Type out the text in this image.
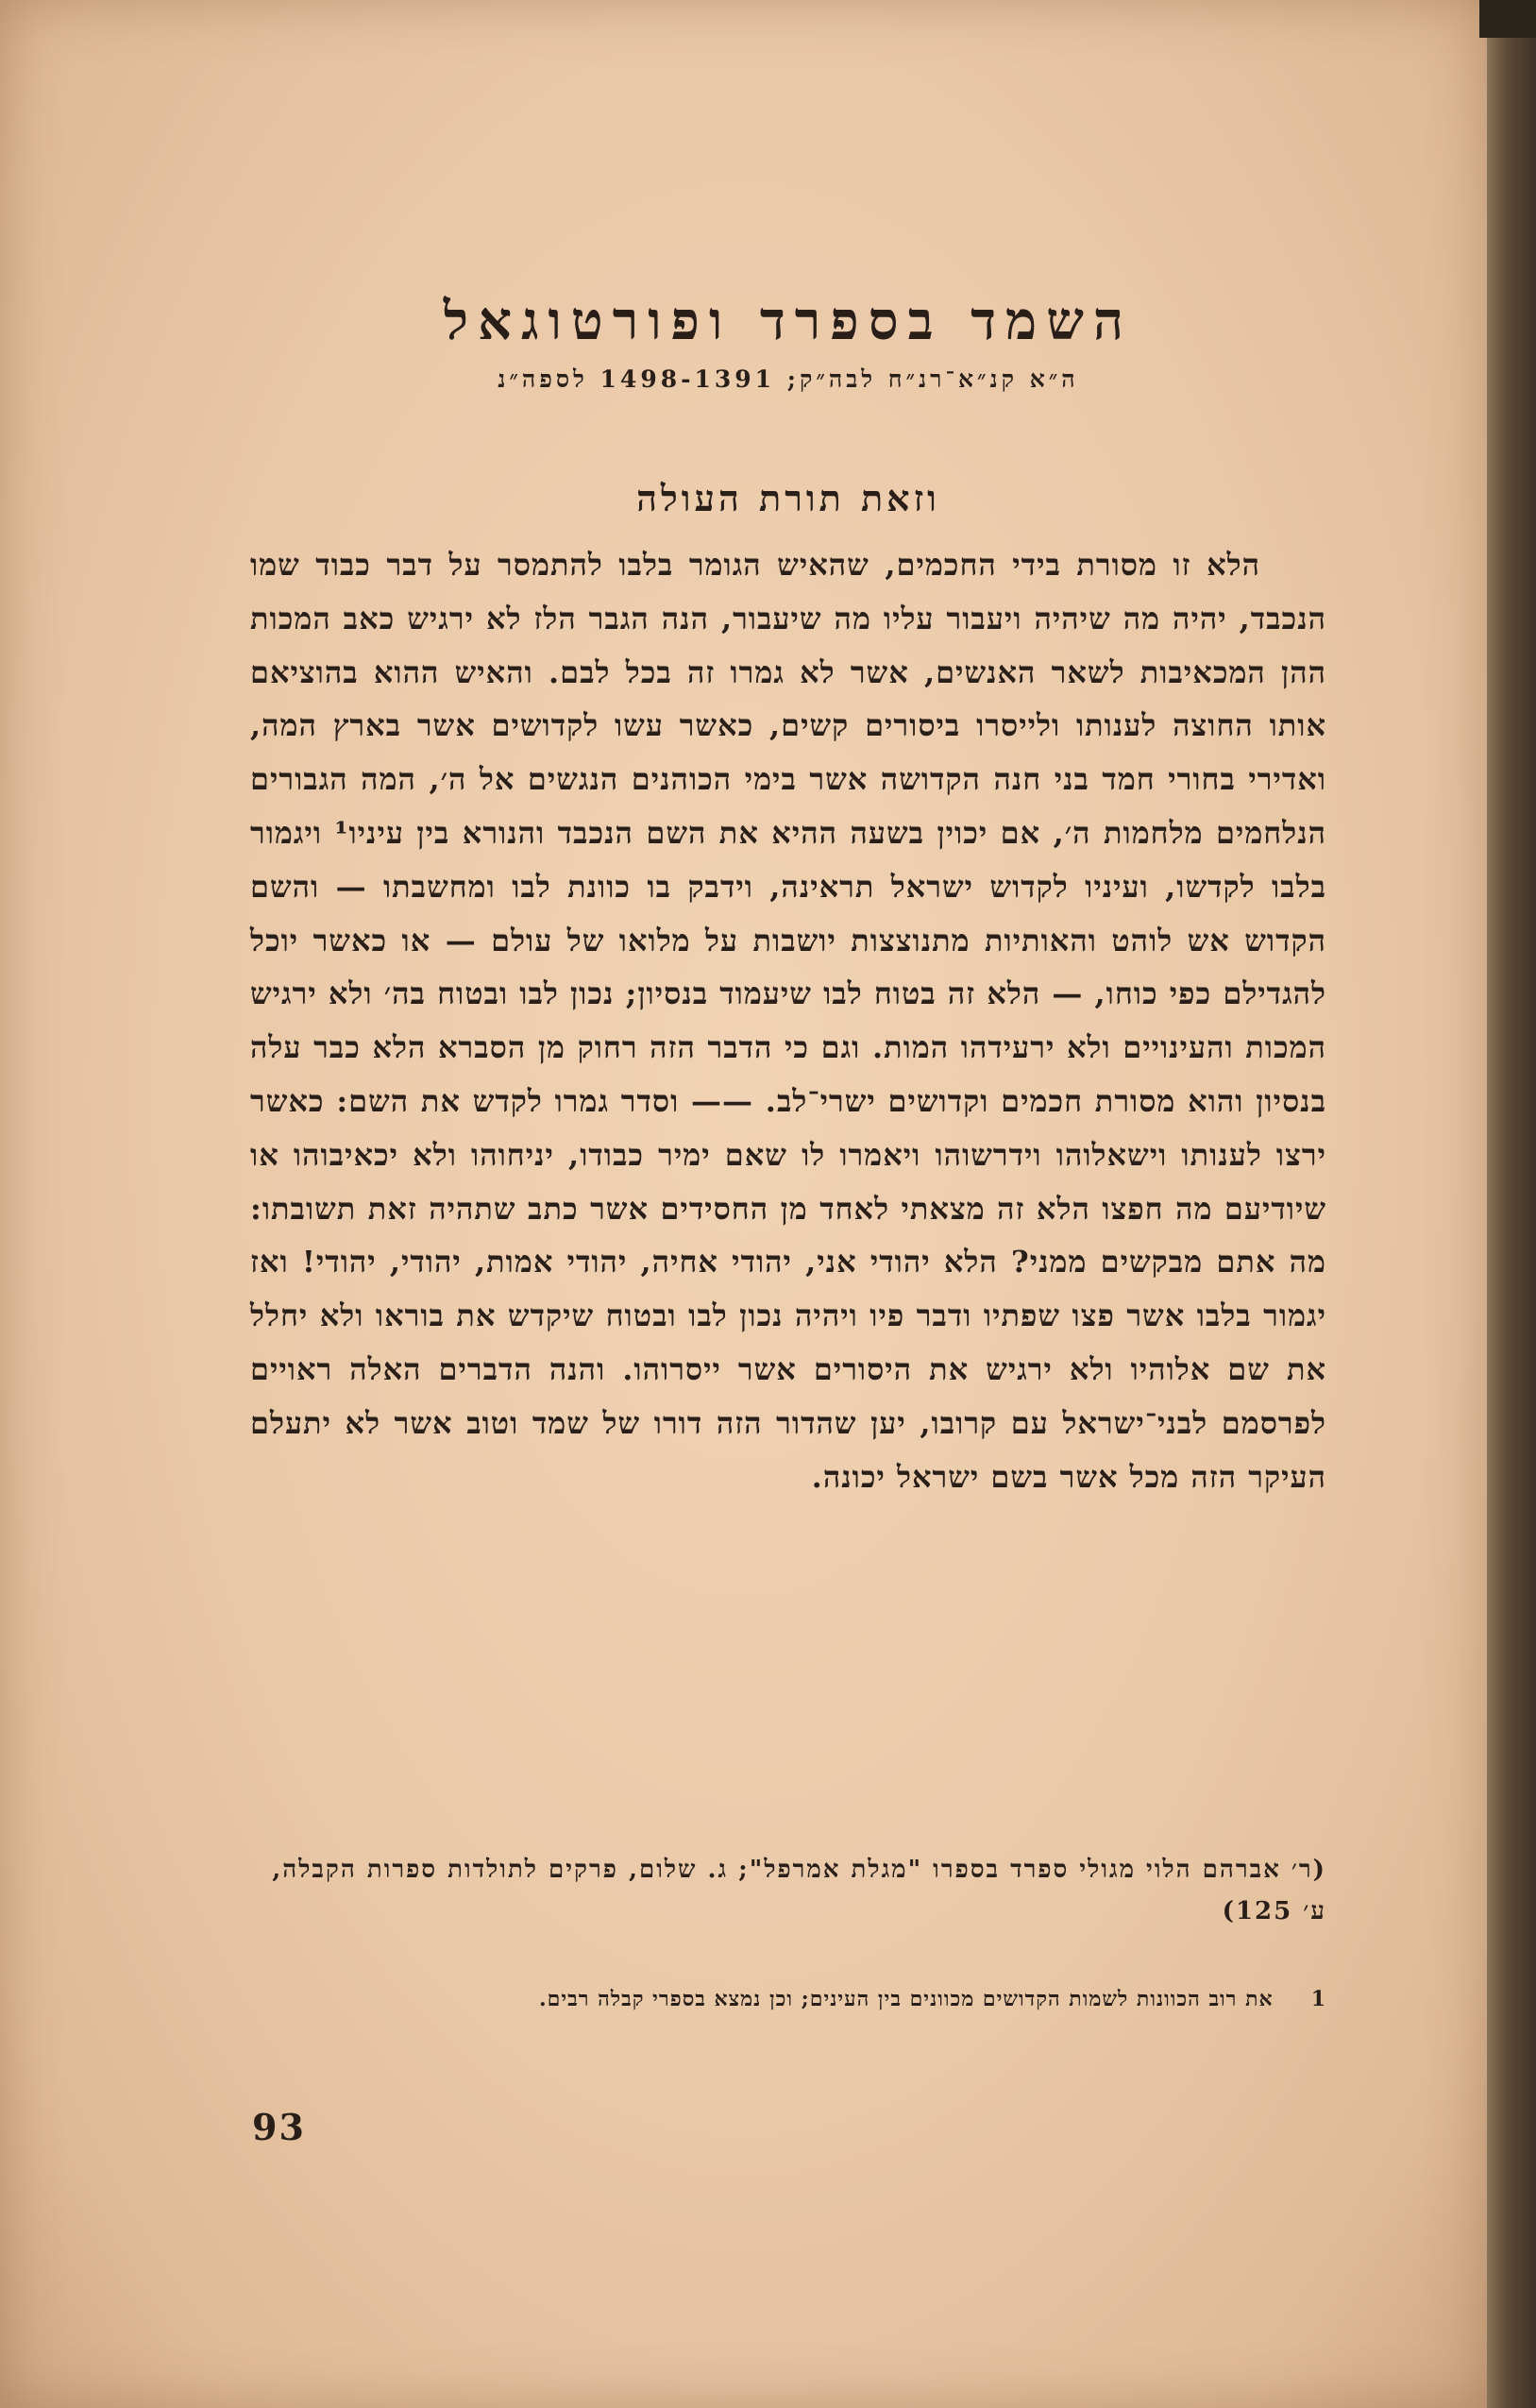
השמד בספרד ופורטוגאל
ה״א קנ״א־רנ״ח לבה״ק; 1498-1391 לספה״נ
וזאת תורת העולה

הלא זו מסורת בידי החכמים, שהאיש הגומר בלבו להתמסר על דבר כבוד שמו הנכבד, יהיה מה שיהיה ויעבור עליו מה שיעבור, הנה הגבר הלז לא ירגיש כאב המכות ההן המכאיבות לשאר האנשים, אשר לא גמרו זה בכל לבם. והאיש ההוא בהוציאם אותו החוצה לענותו ולייסרו ביסורים קשים, כאשר עשו לקדושים אשר בארץ המה, ואדירי בחורי חמד בני חנה הקדושה אשר בימי הכוהנים הנגשים אל ה׳, המה הגבורים הנלחמים מלחמות ה׳, אם יכוין בשעה ההיא את השם הנכבד והנורא בין עיניו¹ ויגמור בלבו לקדשו, ועיניו לקדוש ישראל תראינה, וידבק בו כוונת לבו ומחשבתו — והשם הקדוש אש לוהט והאותיות מתנוצצות יושבות על מלואו של עולם — או כאשר יוכל להגדילם כפי כוחו, — הלא זה בטוח לבו שיעמוד בנסיון; נכון לבו ובטוח בה׳ ולא ירגיש המכות והעינויים ולא ירעידהו המות. וגם כי הדבר הזה רחוק מן הסברא הלא כבר עלה בנסיון והוא מסורת חכמים וקדושים ישרי־לב. —— וסדר גמרו לקדש את השם: כאשר ירצו לענותו וישאלוהו וידרשוהו ויאמרו לו שאם ימיר כבודו, יניחוהו ולא יכאיבוהו או שיודיעם מה חפצו הלא זה מצאתי לאחד מן החסידים אשר כתב שתהיה זאת תשובתו: מה אתם מבקשים ממני? הלא יהודי אני, יהודי אחיה, יהודי אמות, יהודי, יהודי! ואז יגמור בלבו אשר פצו שפתיו ודבר פיו ויהיה נכון לבו ובטוח שיקדש את בוראו ולא יחלל את שם אלוהיו ולא ירגיש את היסורים אשר ייסרוהו. והנה הדברים האלה ראויים לפרסמם לבני־ישראל עם קרובו, יען שהדור הזה דורו של שמד וטוב אשר לא יתעלם העיקר הזה מכל אשר בשם ישראל יכונה.

(ר׳ אברהם הלוי מגולי ספרד בספרו "מגלת אמרפל"; ג. שלום, פרקים לתולדות ספרות הקבלה, ע׳ 125)
1
את רוב הכוונות לשמות הקדושים מכוונים בין העינים; וכן נמצא בספרי קבלה רבים.
93
